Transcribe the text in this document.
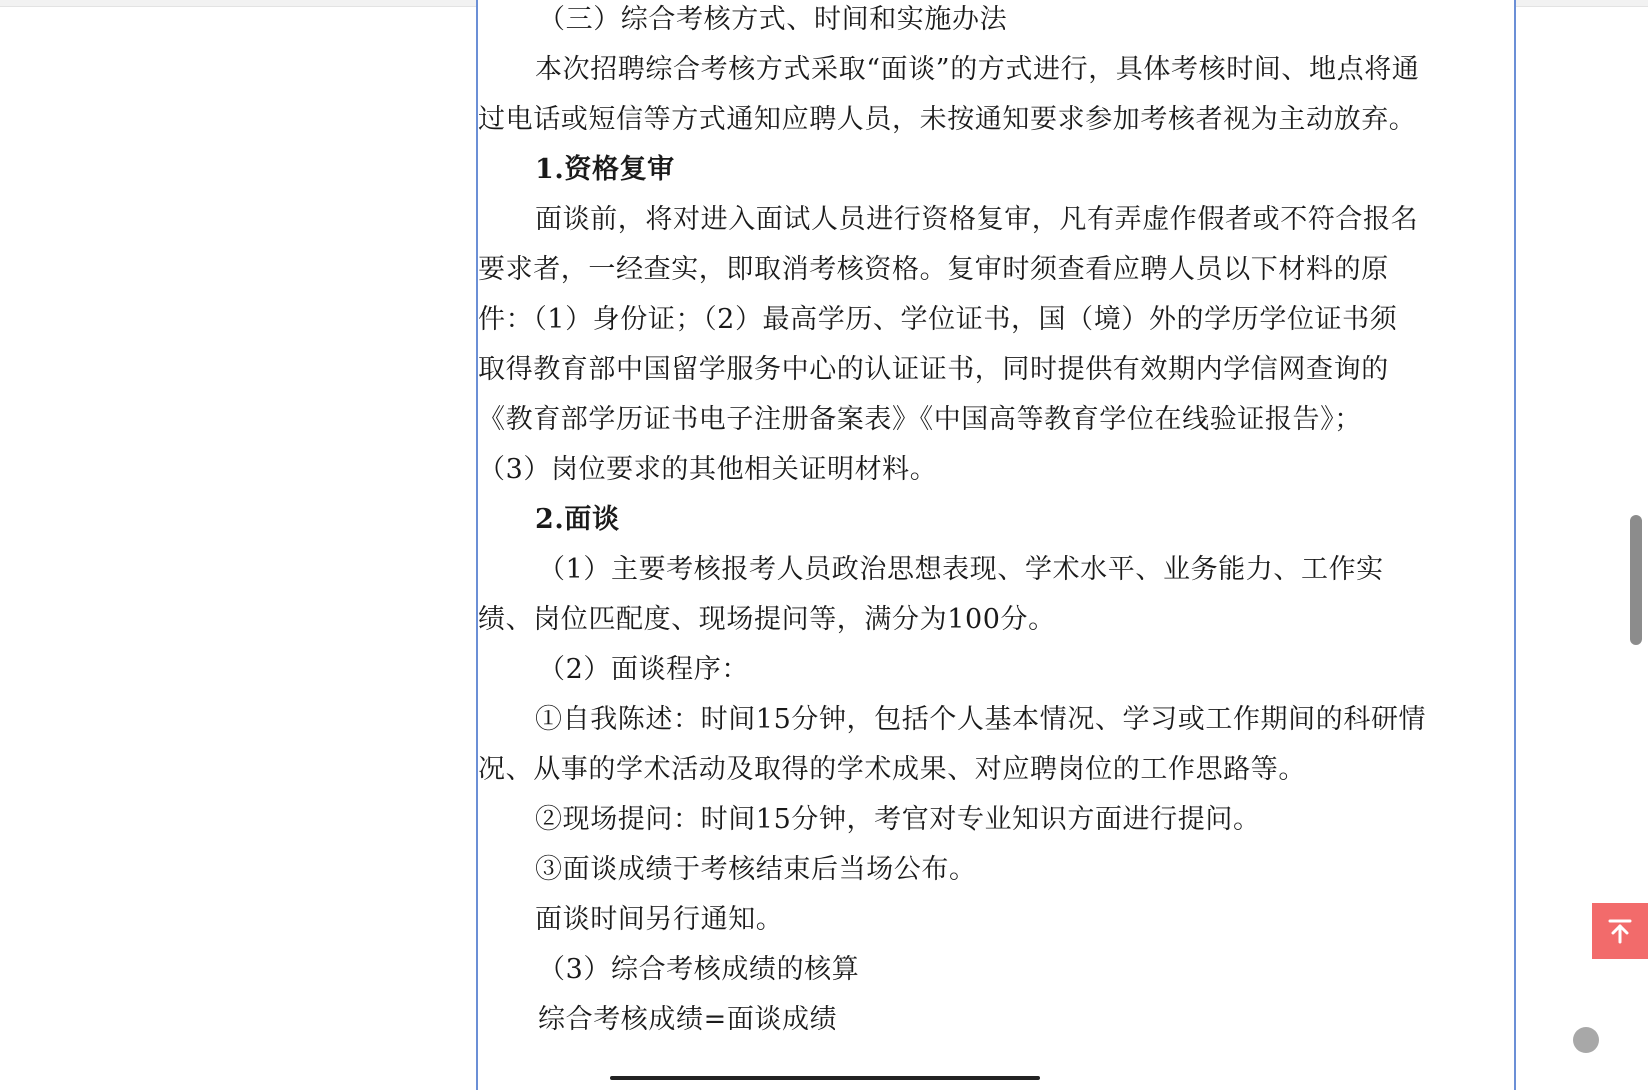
（三）综合考核方式、时间和实施办法
本次招聘综合考核方式采取“面谈”的方式进行，具体考核时间、地点将通
过电话或短信等方式通知应聘人员，未按通知要求参加考核者视为主动放弃。
1.资格复审
面谈前，将对进入面试人员进行资格复审，凡有弄虚作假者或不符合报名
要求者，一经查实，即取消考核资格。复审时须查看应聘人员以下材料的原
件：（1）身份证；（2）最高学历、学位证书，国（境）外的学历学位证书须
取得教育部中国留学服务中心的认证证书，同时提供有效期内学信网查询的
《教育部学历证书电子注册备案表》《中国高等教育学位在线验证报告》；
（3）岗位要求的其他相关证明材料。
2.面谈
（1）主要考核报考人员政治思想表现、学术水平、业务能力、工作实
绩、岗位匹配度、现场提问等，满分为100分。
（2）面谈程序：
①自我陈述：时间15分钟，包括个人基本情况、学习或工作期间的科研情
况、从事的学术活动及取得的学术成果、对应聘岗位的工作思路等。
②现场提问：时间15分钟，考官对专业知识方面进行提问。
③面谈成绩于考核结束后当场公布。
面谈时间另行通知。
（3）综合考核成绩的核算
综合考核成绩=面谈成绩
